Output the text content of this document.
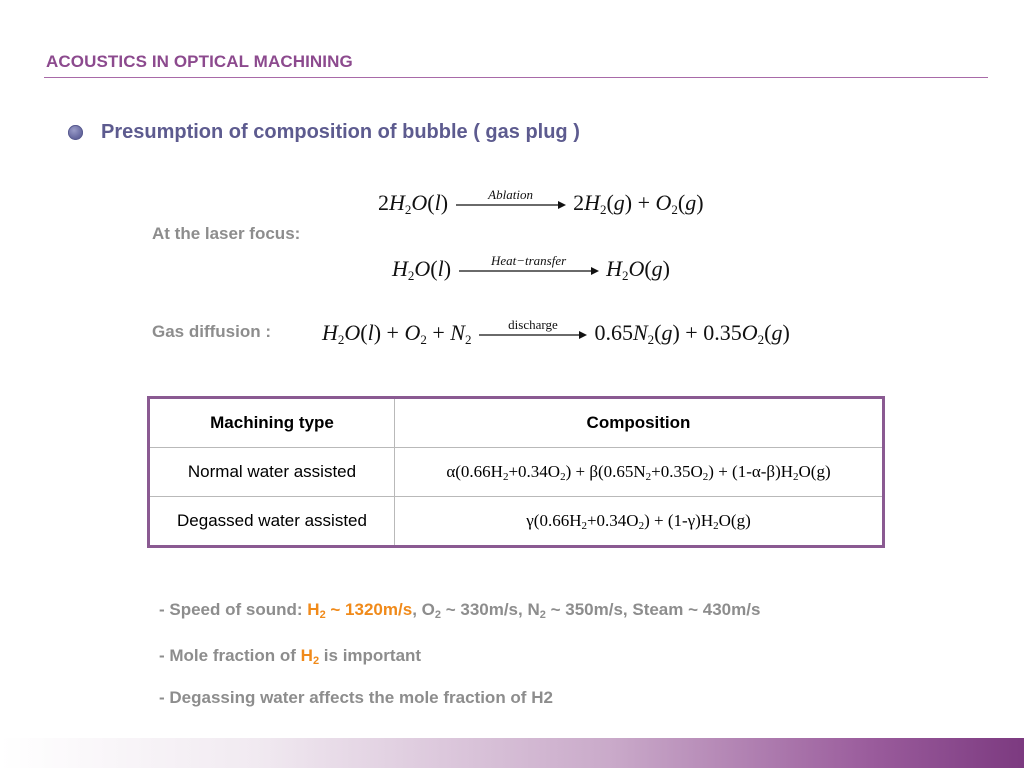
ACOUSTICS IN OPTICAL MACHINING
Presumption of composition of bubble ( gas plug )
At the laser focus:
Gas diffusion :
$2H_2O(l)$	Ablation	$2H_2(g) + O_2(g)$
$H_2O(l)$	Heat−transfer	$H_2O(g)$
$H_2O(l) + O_2 + N_2$
discharge	$0.65N_2(g) + 0.35O_2(g)$
Machining type	Composition
Normal water assisted	$\alpha(0.66H_2+0.34O_2) + \beta(0.65N_2+0.35O_2) + (1-\alpha-\beta)H_2O(g)$
Degassed water assisted	$\gamma(0.66H_2+0.34O_2) + (1-\gamma)H_2O(g)$
- Speed of sound: $H_2$ ~ 1320m/s, $O_2$ ~ 330m/s, $N_2$ ~ 350m/s, Steam ~ 430m/s
- Mole fraction of $H_2$ is important
- Degassing water affects the mole fraction of H2
